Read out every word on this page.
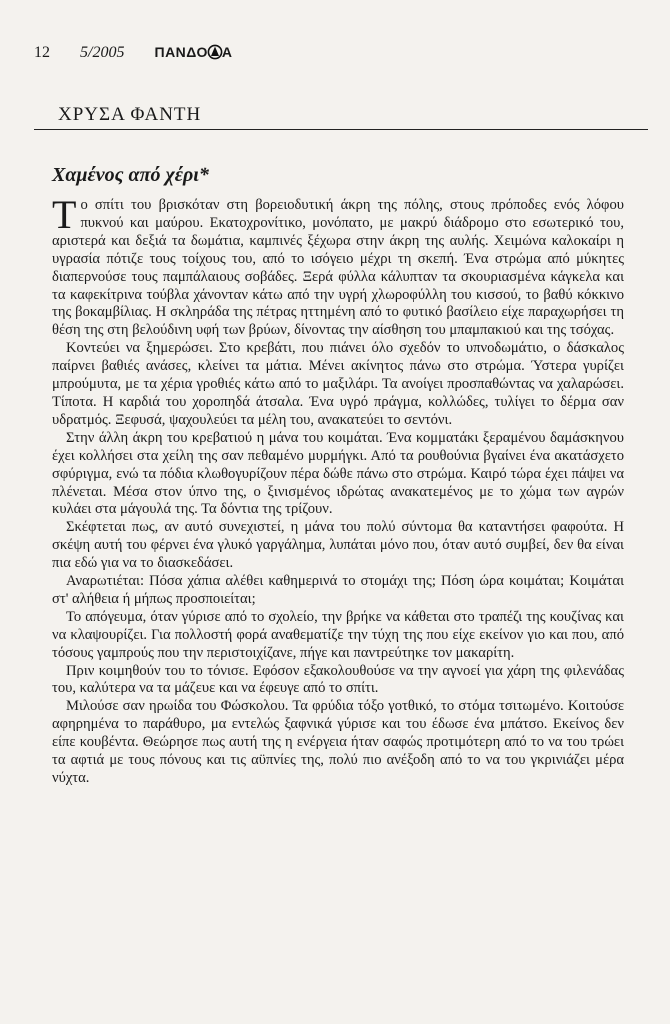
12 5/2005 ΠΑΝΔΟ Α
ΧΡΥΣΑ ΦΑΝΤΗ
Χαμένος από χέρι*

Το σπίτι του βρισκόταν στη βορειοδυτική άκρη της πόλης, στους πρόποδες ενός λόφου πυκνού και μαύρου. Εκατοχρονίτικο, μονόπατο, με μακρύ διάδρομο στο εσωτερικό του, αριστερά και δεξιά τα δωμάτια, καμπινές ξέχωρα στην άκρη της αυλής. Χειμώνα καλοκαίρι η υγρασία πότιζε τους τοίχους του, από το ισόγειο μέχρι τη σκεπή. Ένα στρώμα από μύκητες διαπερνούσε τους παμπάλαιους σοβάδες. Ξερά φύλλα κάλυπταν τα σκουριασμένα κάγκελα και τα καφεκίτρινα τούβλα χάνονταν κάτω από την υγρή χλωροφύλλη του κισσού, το βαθύ κόκκινο της βοκαμβίλιας. Η σκληράδα της πέτρας ηττημένη από το φυτικό βασίλειο είχε παραχωρήσει τη θέση της στη βελούδινη υφή των βρύων, δίνοντας την αίσθηση του μπαμπακιού και της τσόχας.

Κοντεύει να ξημερώσει. Στο κρεβάτι, που πιάνει όλο σχεδόν το υπνοδωμάτιο, ο δάσκαλος παίρνει βαθιές ανάσες, κλείνει τα μάτια. Μένει ακίνητος πάνω στο στρώμα. Ύστερα γυρίζει μπρούμυτα, με τα χέρια γροθιές κάτω από το μαξιλάρι. Τα ανοίγει προσπαθώντας να χαλαρώσει. Τίποτα. Η καρδιά του χοροπηδά άτσαλα. Ένα υγρό πράγμα, κολλώδες, τυλίγει το δέρμα σαν υδρατμός. Ξεφυσά, ψαχουλεύει τα μέλη του, ανακατεύει το σεντόνι.

Στην άλλη άκρη του κρεβατιού η μάνα του κοιμάται. Ένα κομματάκι ξεραμένου δαμάσκηνου έχει κολλήσει στα χείλη της σαν πεθαμένο μυρμήγκι. Από τα ρουθούνια βγαίνει ένα ακατάσχετο σφύριγμα, ενώ τα πόδια κλωθογυρίζουν πέρα δώθε πάνω στο στρώμα. Καιρό τώρα έχει πάψει να πλένεται. Μέσα στον ύπνο της, ο ξινισμένος ιδρώτας ανακατεμένος με το χώμα των αγρών κυλάει στα μάγουλά της. Τα δόντια της τρίζουν.

Σκέφτεται πως, αν αυτό συνεχιστεί, η μάνα του πολύ σύντομα θα καταντήσει φαφούτα. Η σκέψη αυτή του φέρνει ένα γλυκό γαργάλημα, λυπάται μόνο που, όταν αυτό συμβεί, δεν θα είναι πια εδώ για να το διασκεδάσει.

Αναρωτιέται: Πόσα χάπια αλέθει καθημερινά το στομάχι της; Πόση ώρα κοιμάται; Κοιμάται στ' αλήθεια ή μήπως προσποιείται;

Το απόγευμα, όταν γύρισε από το σχολείο, την βρήκε να κάθεται στο τραπέζι της κουζίνας και να κλαψουρίζει. Για πολλοστή φορά αναθεματίζε την τύχη της που είχε εκείνον γιο και που, από τόσους γαμπρούς που την περιστοιχίζανε, πήγε και παντρεύτηκε τον μακαρίτη.

Πριν κοιμηθούν του το τόνισε. Εφόσον εξακολουθούσε να την αγνοεί για χάρη της φιλενάδας του, καλύτερα να τα μάζευε και να έφευγε από το σπίτι.

Μιλούσε σαν ηρωίδα του Φώσκολου. Τα φρύδια τόξο γοτθικό, το στόμα τσιτωμένο. Κοιτούσε αφηρημένα το παράθυρο, μα εντελώς ξαφνικά γύρισε και του έδωσε ένα μπάτσο. Εκείνος δεν είπε κουβέντα. Θεώρησε πως αυτή της η ενέργεια ήταν σαφώς προτιμότερη από το να του τρώει τα αφτιά με τους πόνους και τις αϋπνίες της, πολύ πιο ανέξοδη από το να του γκρινιάζει μέρα νύχτα.
